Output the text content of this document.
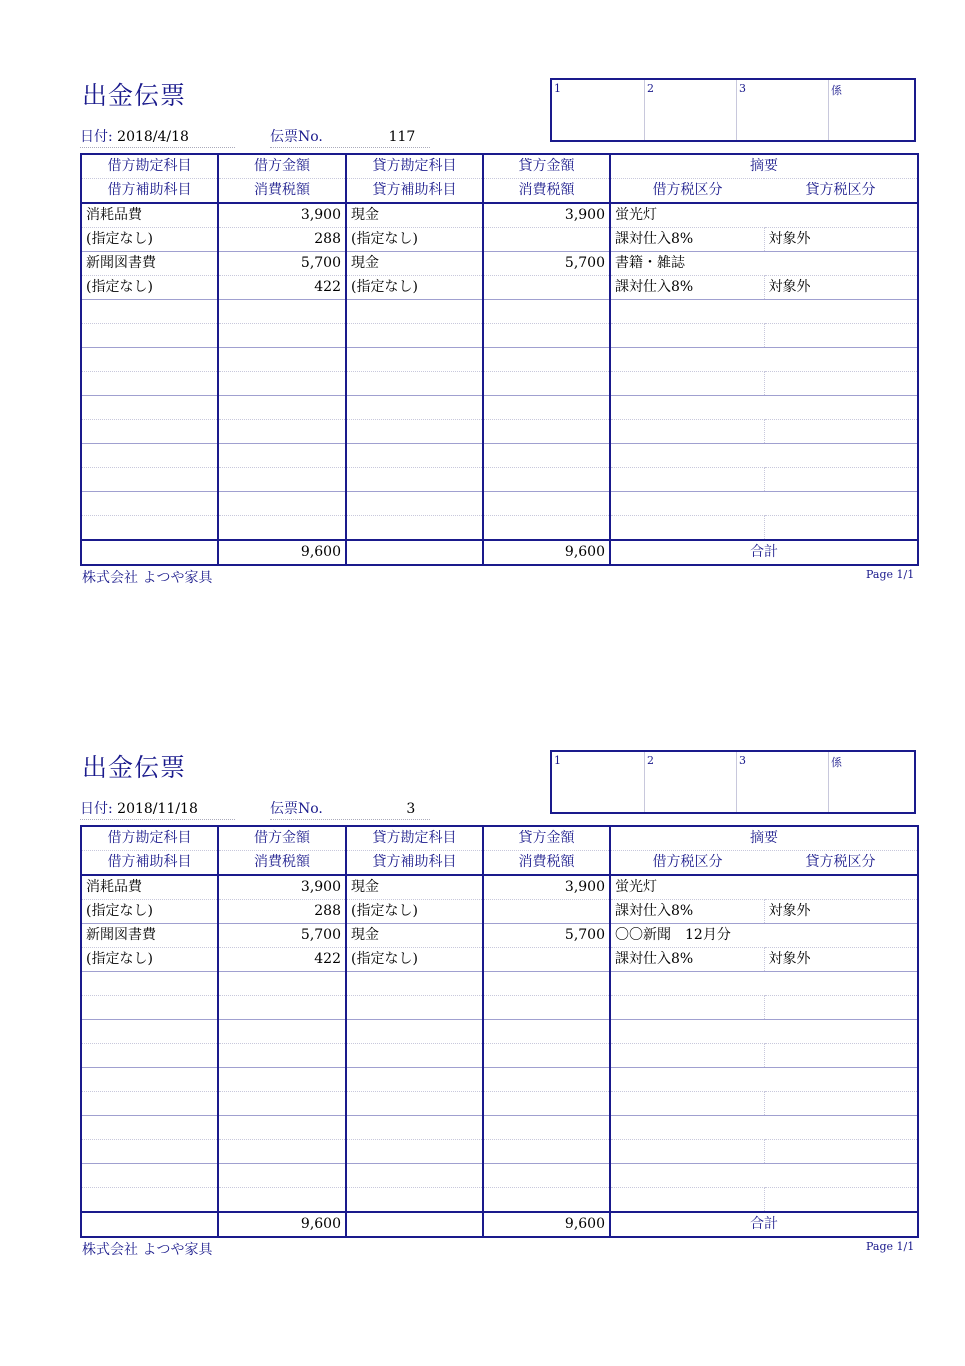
出金伝票
日付: 2018/4/18	伝票No.	117
1	2	3	係
借方勘定科目	借方金額	貸方勘定科目	貸方金額	摘要	
借方補助科目	消費税額	貸方補助科目	消費税額	借方税区分	貸方税区分
消耗品費	3,900	現金	3,900	蛍光灯	
(指定なし)	288	(指定なし)		課対仕入8%	対象外
新聞図書費	5,700	現金	5,700	書籍・雑誌	
(指定なし)	422	(指定なし)		課対仕入8%	対象外

	9,600		9,600	合計	
株式会社 よつや家具	Page 1/1
出金伝票
日付: 2018/11/18	伝票No.	3
1	2	3	係
借方勘定科目	借方金額	貸方勘定科目	貸方金額	摘要	
借方補助科目	消費税額	貸方補助科目	消費税額	借方税区分	貸方税区分
消耗品費	3,900	現金	3,900	蛍光灯	
(指定なし)	288	(指定なし)		課対仕入8%	対象外
新聞図書費	5,700	現金	5,700	〇〇新聞　12月分	
(指定なし)	422	(指定なし)		課対仕入8%	対象外

	9,600		9,600	合計	
株式会社 よつや家具	Page 1/1
